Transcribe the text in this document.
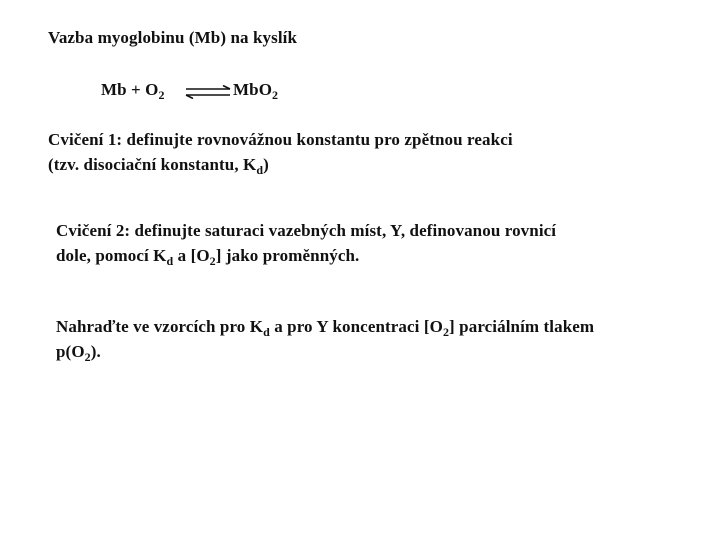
Vazba myoglobinu (Mb) na kyslík
$Mb + O_2$	MbO$_2$
Cvičení 1: definujte rovnovážnou konstantu pro zpětnou reakci
(tzv. disociační konstantu, $K_d$)
Cvičení 2: definujte saturaci vazebných míst, Y, definovanou rovnicí
dole, pomocí $K_d$ a $[O_2]$ jako proměnných.
Nahraďte ve vzorcích pro $K_d$ a pro Y koncentraci $[O_2]$ parciálním tlakem
$p(O_2)$.
